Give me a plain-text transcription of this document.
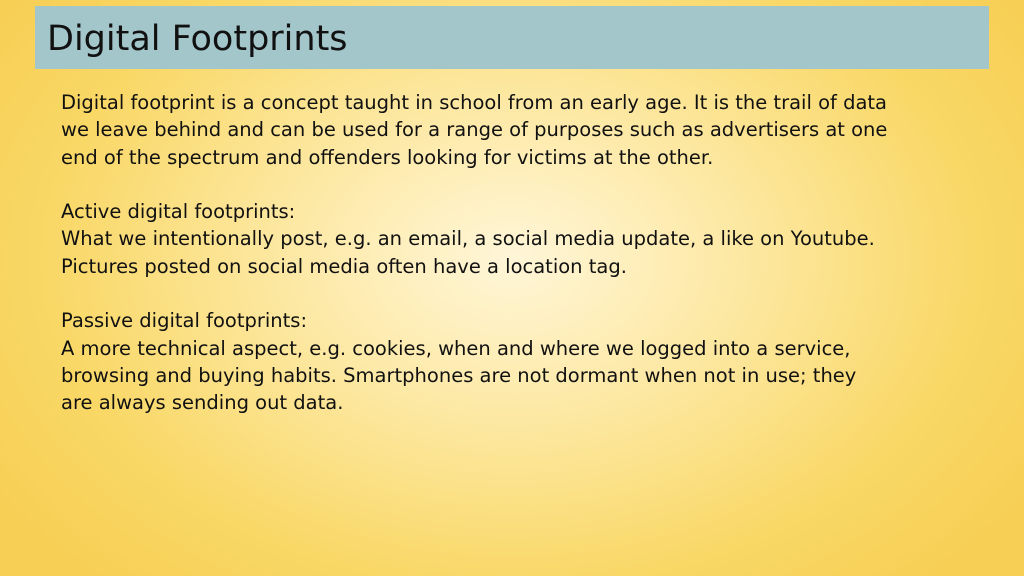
Digital Footprints

Digital footprint is a concept taught in school from an early age. It is the trail of data
we leave behind and can be used for a range of purposes such as advertisers at one
end of the spectrum and offenders looking for victims at the other.

Active digital footprints:
What we intentionally post, e.g. an email, a social media update, a like on Youtube.
Pictures posted on social media often have a location tag.

Passive digital footprints:
A more technical aspect, e.g. cookies, when and where we logged into a service,
browsing and buying habits. Smartphones are not dormant when not in use; they
are always sending out data.
